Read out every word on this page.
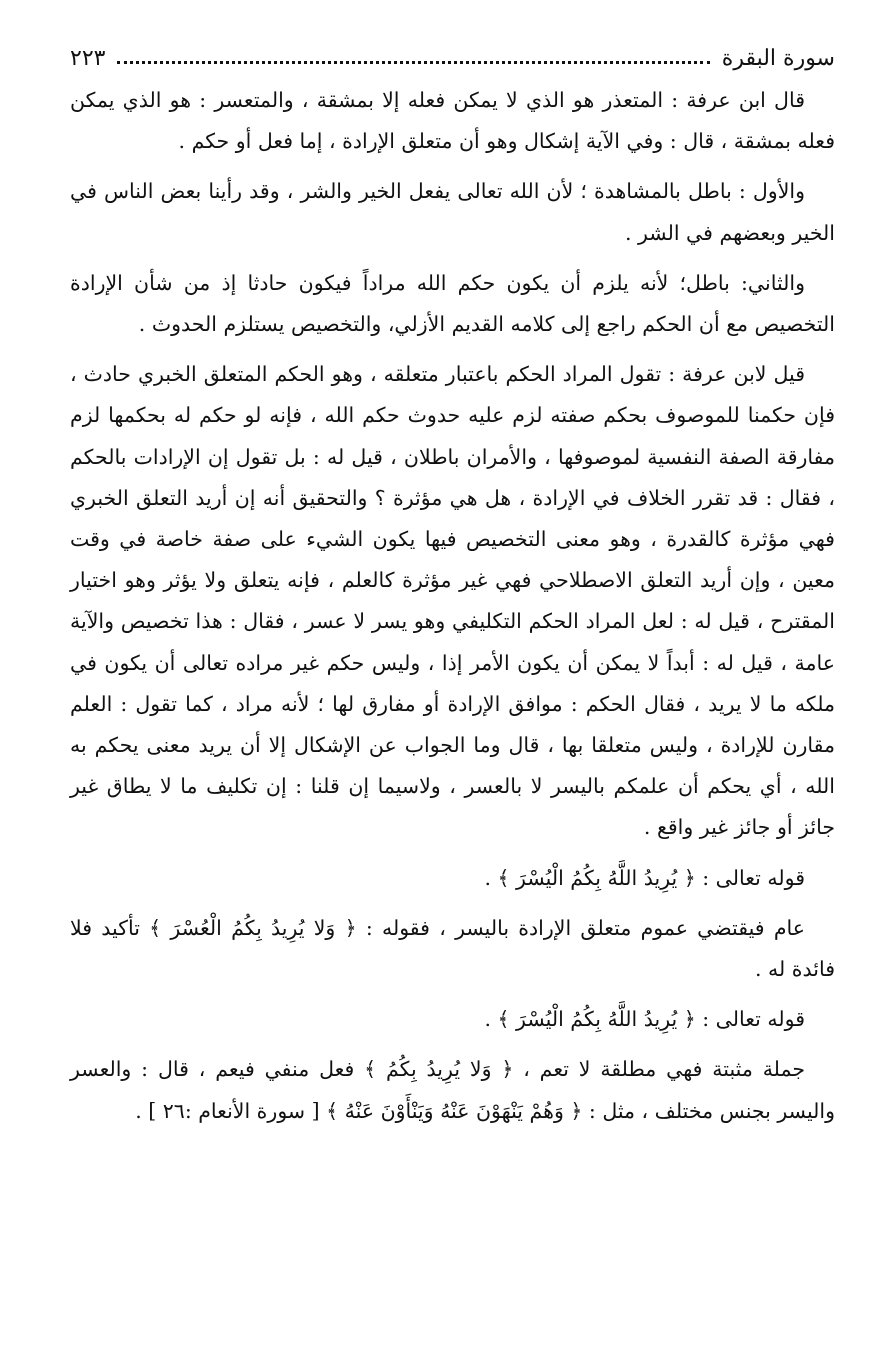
سورة البقرة
٢٢٣

قال ابن عرفة : المتعذر هو الذي لا يمكن فعله إلا بمشقة ، والمتعسر : هو الذي يمكن فعله بمشقة ، قال : وفي الآية إشكال وهو أن متعلق الإرادة ، إما فعل أو حكم .

والأول : باطل بالمشاهدة ؛ لأن الله تعالى يفعل الخير والشر ، وقد رأينا بعض الناس في الخير وبعضهم في الشر .

والثاني: باطل؛ لأنه يلزم أن يكون حكم الله مراداً فيكون حادثا إذ من شأن الإرادة التخصيص مع أن الحكم راجع إلى كلامه القديم الأزلي، والتخصيص يستلزم الحدوث .

قيل لابن عرفة : تقول المراد الحكم باعتبار متعلقه ، وهو الحكم المتعلق الخبري حادث ، فإن حكمنا للموصوف بحكم صفته لزم عليه حدوث حكم الله ، فإنه لو حكم له بحكمها لزم مفارقة الصفة النفسية لموصوفها ، والأمران باطلان ، قيل له : بل تقول إن الإرادات بالحكم ، فقال : قد تقرر الخلاف في الإرادة ، هل هي مؤثرة ؟ والتحقيق أنه إن أريد التعلق الخبري فهي مؤثرة كالقدرة ، وهو معنى التخصيص فيها يكون الشيء على صفة خاصة في وقت معين ، وإن أريد التعلق الاصطلاحي فهي غير مؤثرة كالعلم ، فإنه يتعلق ولا يؤثر وهو اختيار المقترح ، قيل له : لعل المراد الحكم التكليفي وهو يسر لا عسر ، فقال : هذا تخصيص والآية عامة ، قيل له : أبداً لا يمكن أن يكون الأمر إذا ، وليس حكم غير مراده تعالى أن يكون في ملكه ما لا يريد ، فقال الحكم : موافق الإرادة أو مفارق لها ؛ لأنه مراد ، كما تقول : العلم مقارن للإرادة ، وليس متعلقا بها ، قال وما الجواب عن الإشكال إلا أن يريد معنى يحكم به الله ، أي يحكم أن علمكم باليسر لا بالعسر ، ولاسيما إن قلنا : إن تكليف ما لا يطاق غير جائز أو جائز غير واقع .

قوله تعالى : ﴿ يُرِيدُ اللَّهُ بِكُمُ الْيُسْرَ ﴾ .

عام فيقتضي عموم متعلق الإرادة باليسر ، فقوله : ﴿ وَلا يُرِيدُ بِكُمُ الْعُسْرَ ﴾ تأكيد فلا فائدة له .

قوله تعالى : ﴿ يُرِيدُ اللَّهُ بِكُمُ الْيُسْرَ ﴾ .

جملة مثبتة فهي مطلقة لا تعم ، ﴿ وَلا يُرِيدُ بِكُمُ ﴾ فعل منفي فيعم ، قال : والعسر واليسر بجنس مختلف ، مثل : ﴿ وَهُمْ يَنْهَوْنَ عَنْهُ وَيَنْأَوْنَ عَنْهُ ﴾ [ سورة الأنعام :٢٦ ] .
